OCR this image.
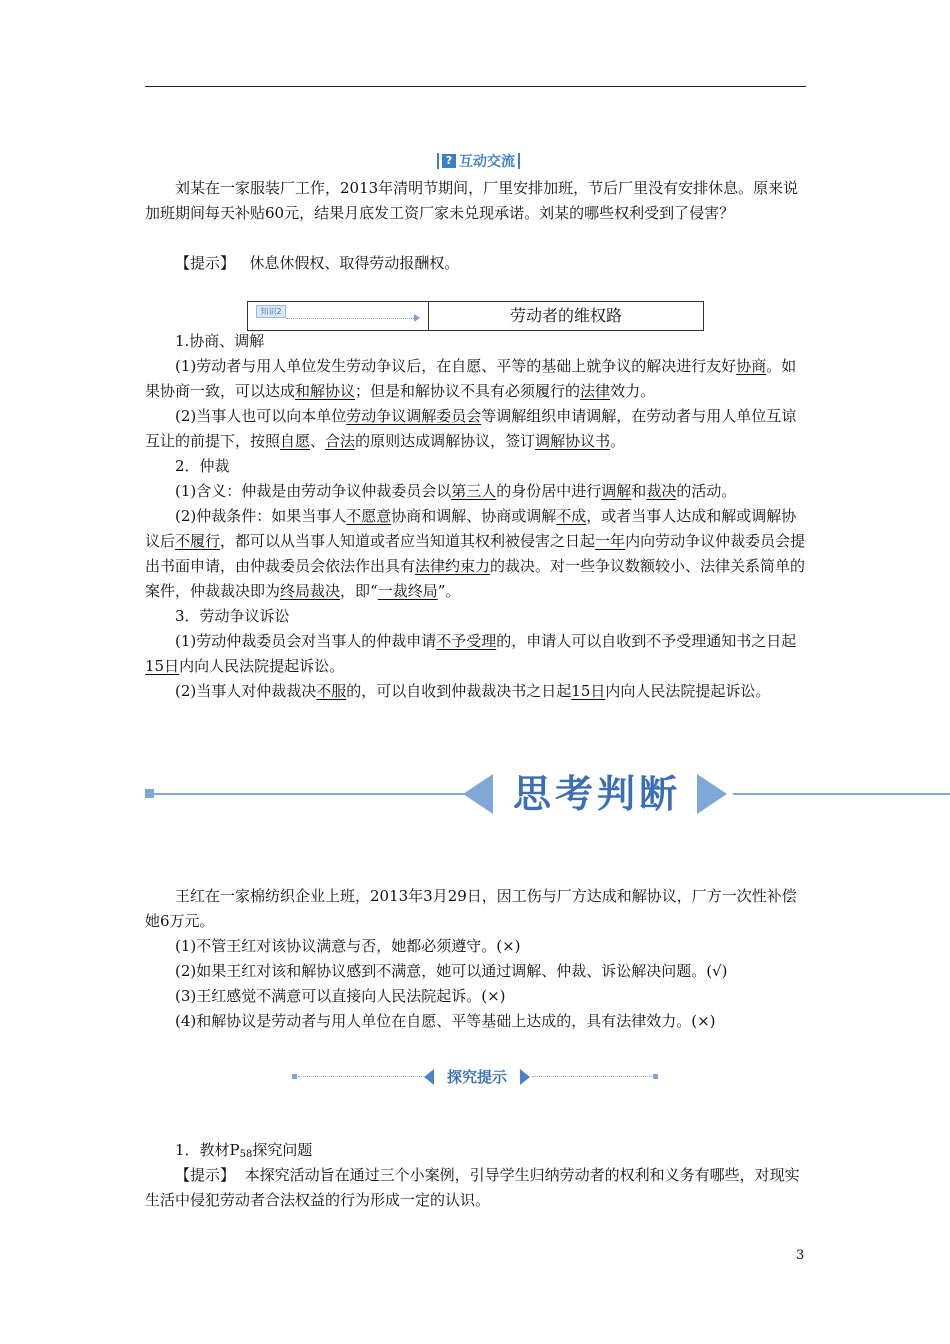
? 互动交流
刘某在一家服装厂工作，2013年清明节期间，厂里安排加班，节后厂里没有安排休息。原来说加班期间每天补贴60元，结果月底发工资厂家未兑现承诺。刘某的哪些权利受到了侵害？
【提示】 休息休假权、取得劳动报酬权。
知识2	劳动者的维权路
1.协商、调解
(1)劳动者与用人单位发生劳动争议后，在自愿、平等的基础上就争议的解决进行友好协商。如果协商一致，可以达成和解协议；但是和解协议不具有必须履行的法律效力。
(2)当事人也可以向本单位劳动争议调解委员会等调解组织申请调解，在劳动者与用人单位互谅互让的前提下，按照自愿、合法的原则达成调解协议，签订调解协议书。
2．仲裁
(1)含义：仲裁是由劳动争议仲裁委员会以第三人的身份居中进行调解和裁决的活动。
(2)仲裁条件：如果当事人不愿意协商和调解、协商或调解不成，或者当事人达成和解或调解协议后不履行，都可以从当事人知道或者应当知道其权利被侵害之日起一年内向劳动争议仲裁委员会提出书面申请，由仲裁委员会依法作出具有法律约束力的裁决。对一些争议数额较小、法律关系简单的案件，仲裁裁决即为终局裁决，即“一裁终局”。
3．劳动争议诉讼
(1)劳动仲裁委员会对当事人的仲裁申请不予受理的，申请人可以自收到不予受理通知书之日起15日内向人民法院提起诉讼。
(2)当事人对仲裁裁决不服的，可以自收到仲裁裁决书之日起15日内向人民法院提起诉讼。
思考判断
王红在一家棉纺织企业上班，2013年3月29日，因工伤与厂方达成和解协议，厂方一次性补偿她6万元。
(1)不管王红对该协议满意与否，她都必须遵守。(×)
(2)如果王红对该和解协议感到不满意，她可以通过调解、仲裁、诉讼解决问题。(√)
(3)王红感觉不满意可以直接向人民法院起诉。(×)
(4)和解协议是劳动者与用人单位在自愿、平等基础上达成的，具有法律效力。(×)
探究提示
1．教材$P_{58}$探究问题
【提示】 本探究活动旨在通过三个小案例，引导学生归纳劳动者的权利和义务有哪些，对现实生活中侵犯劳动者合法权益的行为形成一定的认识。
3
